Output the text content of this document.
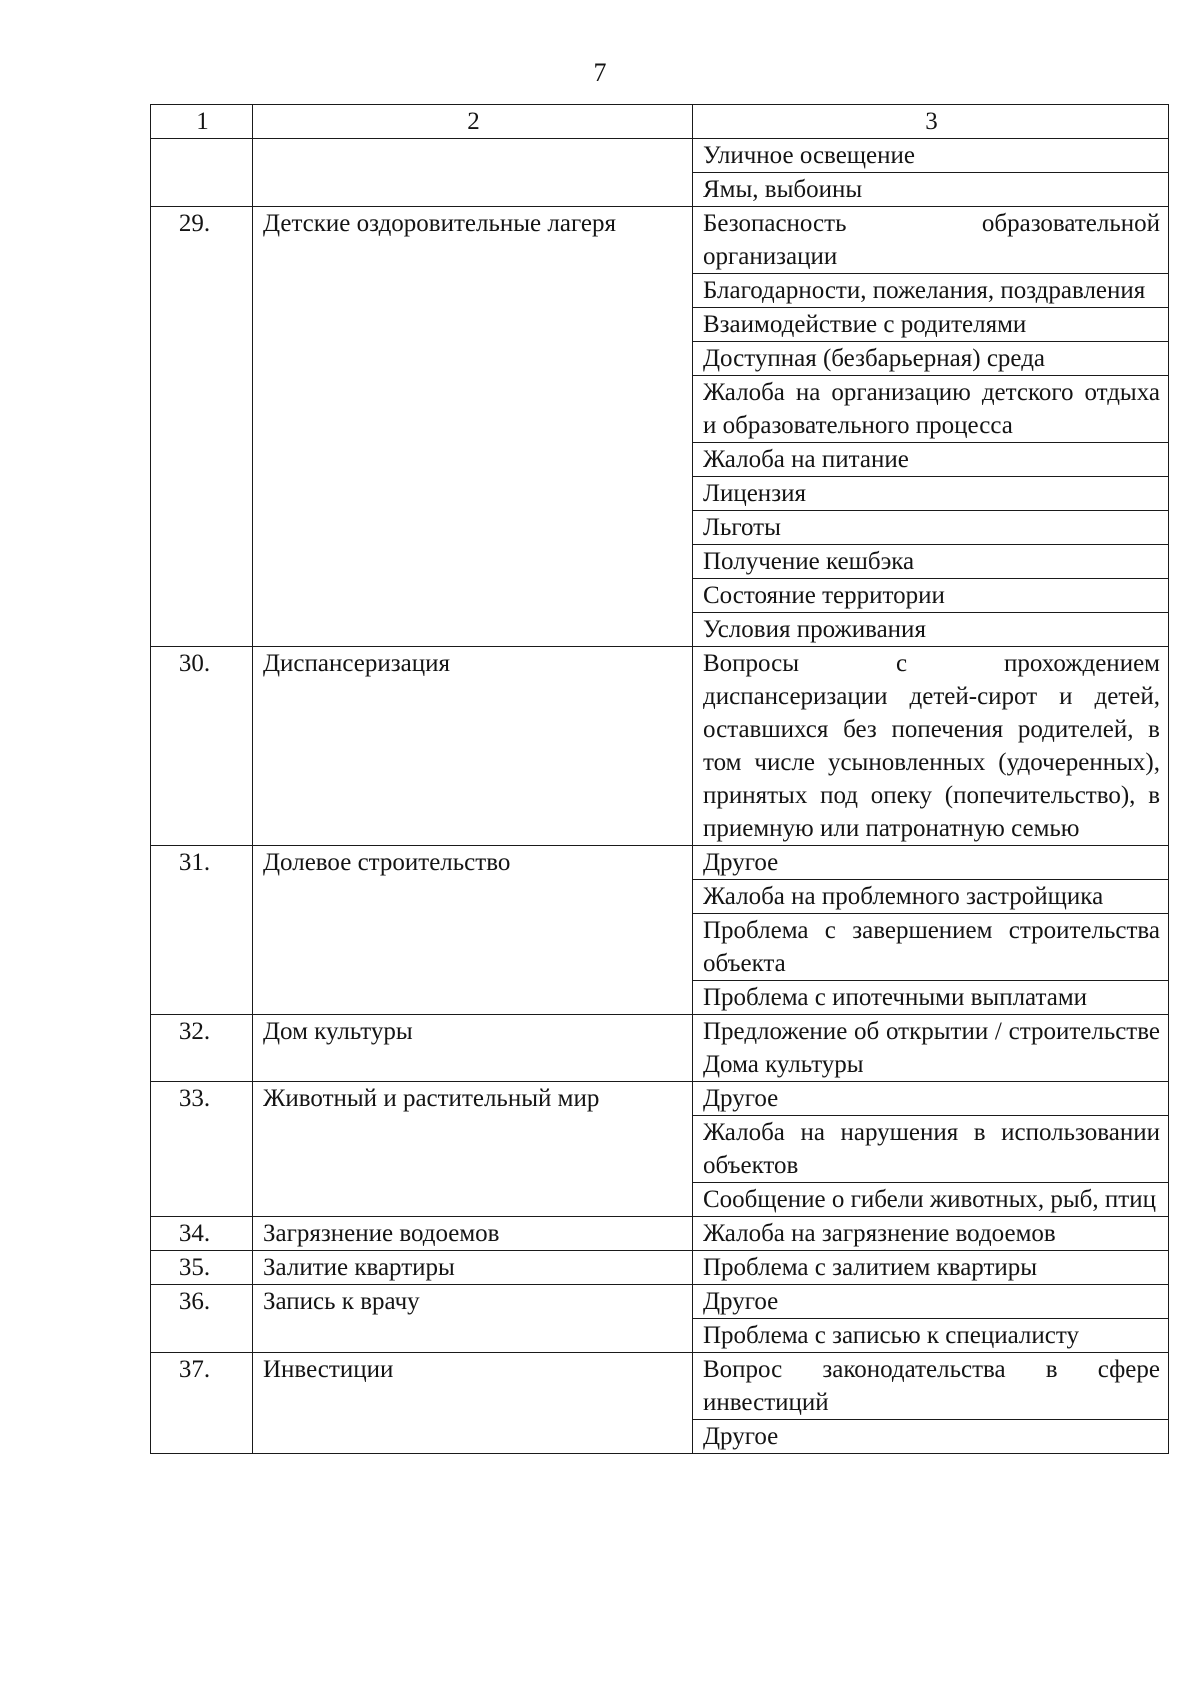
7
1	2	3
		Уличное освещение
		Ямы, выбоины
29.	Детские оздоровительные лагеря	Безопасность образовательной организации
		Благодарности, пожелания, поздравления
		Взаимодействие с родителями
		Доступная (безбарьерная) среда
		Жалоба на организацию детского отдыха и образовательного процесса
		Жалоба на питание
		Лицензия
		Льготы
		Получение кешбэка
		Состояние территории
		Условия проживания
30.	Диспансеризация	Вопросы с прохождением диспансеризации детей-сирот и детей, оставшихся без попечения родителей, в том числе усыновленных (удочеренных), принятых под опеку (попечительство), в приемную или патронатную семью
31.	Долевое строительство	Другое
		Жалоба на проблемного застройщика
		Проблема с завершением строительства объекта
		Проблема с ипотечными выплатами
32.	Дом культуры	Предложение об открытии / строительстве Дома культуры
33.	Животный и растительный мир	Другое
		Жалоба на нарушения в использовании объектов
		Сообщение о гибели животных, рыб, птиц
34.	Загрязнение водоемов	Жалоба на загрязнение водоемов
35.	Залитие квартиры	Проблема с залитием квартиры
36.	Запись к врачу	Другое
		Проблема с записью к специалисту
37.	Инвестиции	Вопрос законодательства в сфере инвестиций
		Другое
